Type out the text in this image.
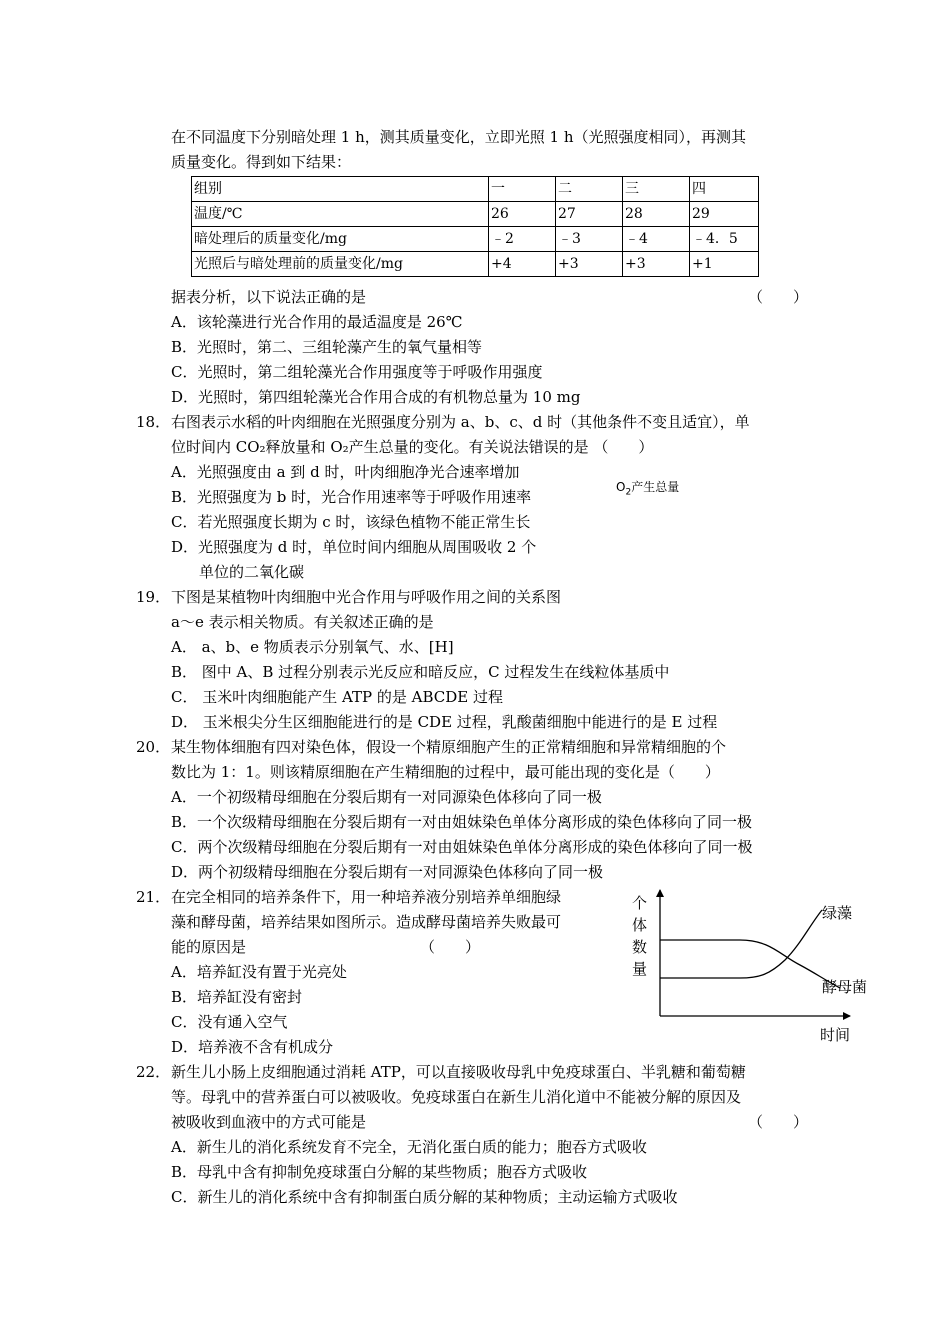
在不同温度下分别暗处理 1 h，测其质量变化，立即光照 1 h（光照强度相同），再测其
质量变化。得到如下结果：
组别	一	二	三	四
温度/℃	26	27	28	29
暗处理后的质量变化/mg	﹣2	﹣3	﹣4	﹣4．5
光照后与暗处理前的质量变化/mg	+4	+3	+3	+1
据表分析，以下说法正确的是	（　　）
A．该轮藻进行光合作用的最适温度是 26℃
B．光照时，第二、三组轮藻产生的氧气量相等
C．光照时，第二组轮藻光合作用强度等于呼吸作用强度
D．光照时，第四组轮藻光合作用合成的有机物总量为 10 mg
18． 右图表示水稻的叶肉细胞在光照强度分别为 a、b、c、d 时（其他条件不变且适宜），单
位时间内 CO₂释放量和 O₂产生总量的变化。有关说法错误的是 （　　）
A．光照强度由 a 到 d 时，叶肉细胞净光合速率增加
B．光照强度为 b 时，光合作用速率等于呼吸作用速率
C．若光照强度长期为 c 时，该绿色植物不能正常生长
D．光照强度为 d 时，单位时间内细胞从周围吸收 2 个
单位的二氧化碳
$O_2$产生总量
19． 下图是某植物叶肉细胞中光合作用与呼吸作用之间的关系图
a～e 表示相关物质。有关叙述正确的是
A． a、b、e 物质表示分别氧气、水、[H]
B． 图中 A、B 过程分别表示光反应和暗反应，C 过程发生在线粒体基质中
C． 玉米叶肉细胞能产生 ATP 的是 ABCDE 过程
D． 玉米根尖分生区细胞能进行的是 CDE 过程，乳酸菌细胞中能进行的是 E 过程
20． 某生物体细胞有四对染色体，假设一个精原细胞产生的正常精细胞和异常精细胞的个
数比为 1：1。则该精原细胞在产生精细胞的过程中，最可能出现的变化是（　　）
A．一个初级精母细胞在分裂后期有一对同源染色体移向了同一极
B．一个次级精母细胞在分裂后期有一对由姐妹染色单体分离形成的染色体移向了同一极
C．两个次级精母细胞在分裂后期有一对由姐妹染色单体分离形成的染色体移向了同一极
D．两个初级精母细胞在分裂后期有一对同源染色体移向了同一极
21． 在完全相同的培养条件下，用一种培养液分别培养单细胞绿
藻和酵母菌，培养结果如图所示。造成酵母菌培养失败最可
能的原因是	（　　）
A．培养缸没有置于光亮处
B．培养缸没有密封
C．没有通入空气
D．培养液不含有机成分
个
体
数
量
时间
绿藻
酵母菌
22． 新生儿小肠上皮细胞通过消耗 ATP，可以直接吸收母乳中免疫球蛋白、半乳糖和葡萄糖
等。母乳中的营养蛋白可以被吸收。免疫球蛋白在新生儿消化道中不能被分解的原因及
被吸收到血液中的方式可能是	（　　）
A．新生儿的消化系统发育不完全，无消化蛋白质的能力；胞吞方式吸收
B．母乳中含有抑制免疫球蛋白分解的某些物质；胞吞方式吸收
C．新生儿的消化系统中含有抑制蛋白质分解的某种物质；主动运输方式吸收
